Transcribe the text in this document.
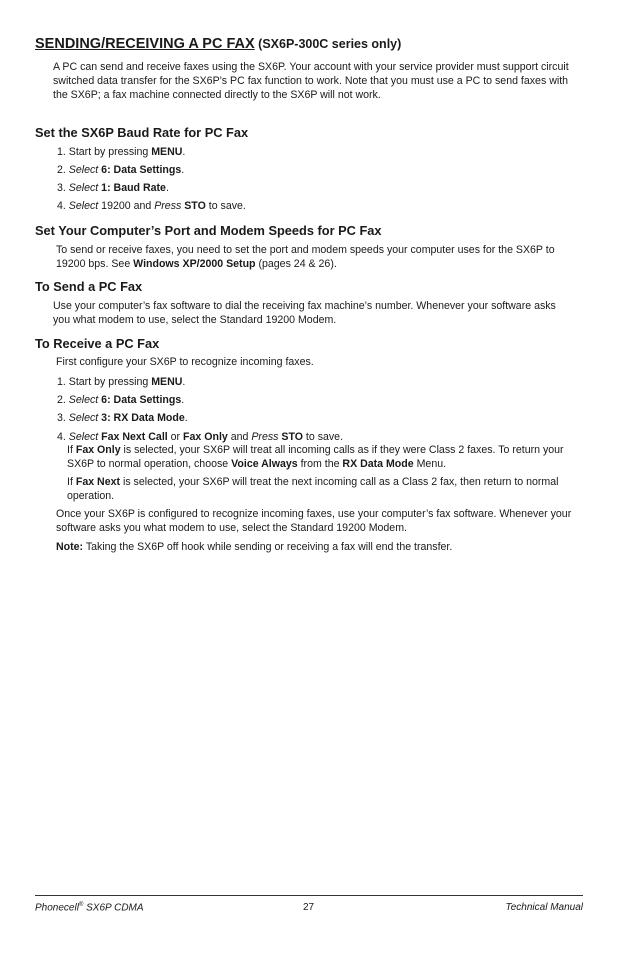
SENDING/RECEIVING A PC FAX (SX6P-300C series only)

A PC can send and receive faxes using the SX6P. Your account with your service provider must support circuit switched data transfer for the SX6P’s PC fax function to work. Note that you must use a PC to send faxes with the SX6P; a fax machine connected directly to the SX6P will not work.

Set the SX6P Baud Rate for PC Fax
1. Start by pressing MENU.
2. Select 6: Data Settings.
3. Select 1: Baud Rate.
4. Select 19200 and Press STO to save.
Set Your Computer’s Port and Modem Speeds for PC Fax

To send or receive faxes, you need to set the port and modem speeds your computer uses for the SX6P to 19200 bps. See Windows XP/2000 Setup (pages 24 & 26).

To Send a PC Fax

Use your computer’s fax software to dial the receiving fax machine’s number. Whenever your software asks you what modem to use, select the Standard 19200 Modem.

To Receive a PC Fax
First configure your SX6P to recognize incoming faxes.
1. Start by pressing MENU.
2. Select 6: Data Settings.
3. Select 3: RX Data Mode.
4. Select Fax Next Call or Fax Only and Press STO to save.

If Fax Only is selected, your SX6P will treat all incoming calls as if they were Class 2 faxes. To return your SX6P to normal operation, choose Voice Always from the RX Data Mode Menu.

If Fax Next is selected, your SX6P will treat the next incoming call as a Class 2 fax, then return to normal operation.

Once your SX6P is configured to recognize incoming faxes, use your computer’s fax software. Whenever your software asks you what modem to use, select the Standard 19200 Modem.

Note: Taking the SX6P off hook while sending or receiving a fax will end the transfer.
Phonecell® SX6P CDMA	27	Technical Manual
